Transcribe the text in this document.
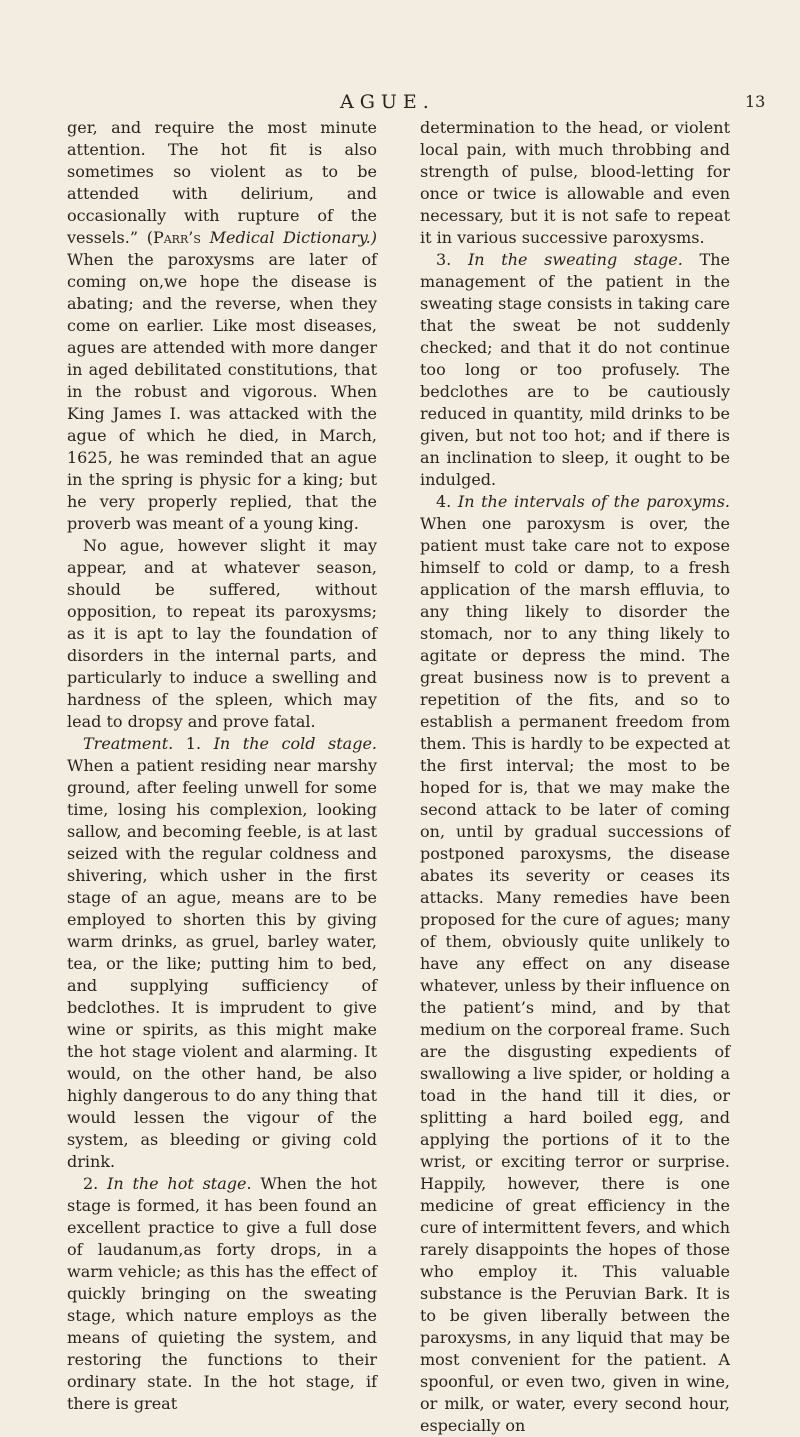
AGUE.	13

ger, and require the most minute attention. The hot fit is also sometimes so violent as to be attended with delirium, and occasionally with rupture of the vessels.” (Parr’s Medical Dictionary.) When the paroxysms are later of coming on,we hope the disease is abating; and the reverse, when they come on earlier. Like most diseases, agues are attended with more danger in aged debilitated constitutions, that in the robust and vigorous. When King James I. was attacked with the ague of which he died, in March, 1625, he was reminded that an ague in the spring is physic for a king; but he very properly replied, that the proverb was meant of a young king.

No ague, however slight it may appear, and at whatever season, should be suffered, without opposition, to repeat its paroxysms; as it is apt to lay the foundation of disorders in the internal parts, and particularly to induce a swelling and hardness of the spleen, which may lead to dropsy and prove fatal.

Treatment. 1. In the cold stage. When a patient residing near marshy ground, after feeling unwell for some time, losing his complexion, looking sallow, and becoming feeble, is at last seized with the regular coldness and shivering, which usher in the first stage of an ague, means are to be employed to shorten this by giving warm drinks, as gruel, barley water, tea, or the like; putting him to bed, and supplying sufficiency of bedclothes. It is imprudent to give wine or spirits, as this might make the hot stage violent and alarming. It would, on the other hand, be also highly dangerous to do any thing that would lessen the vigour of the system, as bleeding or giving cold drink.

2. In the hot stage. When the hot stage is formed, it has been found an excellent practice to give a full dose of laudanum,as forty drops, in a warm vehicle; as this has the effect of quickly bringing on the sweating stage, which nature employs as the means of quieting the system, and restoring the functions to their ordinary state. In the hot stage, if there is great

determination to the head, or violent local pain, with much throbbing and strength of pulse, blood-letting for once or twice is allowable and even necessary, but it is not safe to repeat it in various successive paroxysms.

3. In the sweating stage. The management of the patient in the sweating stage consists in taking care that the sweat be not suddenly checked; and that it do not continue too long or too profusely. The bedclothes are to be cautiously reduced in quantity, mild drinks to be given, but not too hot; and if there is an inclination to sleep, it ought to be indulged.

4. In the intervals of the paroxyms. When one paroxysm is over, the patient must take care not to expose himself to cold or damp, to a fresh application of the marsh effluvia, to any thing likely to disorder the stomach, nor to any thing likely to agitate or depress the mind. The great business now is to prevent a repetition of the fits, and so to establish a permanent freedom from them. This is hardly to be expected at the first interval; the most to be hoped for is, that we may make the second attack to be later of coming on, until by gradual successions of postponed paroxysms, the disease abates its severity or ceases its attacks. Many remedies have been proposed for the cure of agues; many of them, obviously quite unlikely to have any effect on any disease whatever, unless by their influence on the patient’s mind, and by that medium on the corporeal frame. Such are the disgusting expedients of swallowing a live spider, or holding a toad in the hand till it dies, or splitting a hard boiled egg, and applying the portions of it to the wrist, or exciting terror or surprise. Happily, however, there is one medicine of great efficiency in the cure of intermittent fevers, and which rarely disappoints the hopes of those who employ it. This valuable substance is the Peruvian Bark. It is to be given liberally between the paroxysms, in any liquid that may be most convenient for the patient. A spoonful, or even two, given in wine, or milk, or water, every second hour, especially on
